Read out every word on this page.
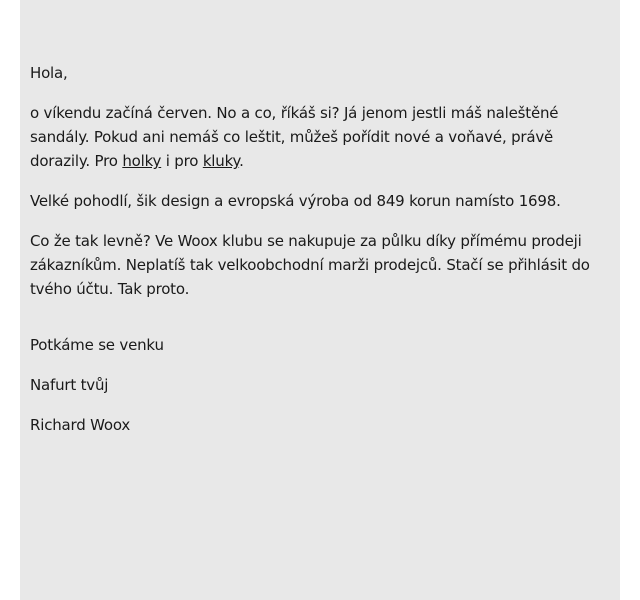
Hola,

o víkendu začíná červen. No a co, říkáš si? Já jenom jestli máš naleštěné sandály. Pokud ani nemáš co leštit, můžeš pořídit nové a voňavé, právě dorazily. Pro holky i pro kluky.

Velké pohodlí, šik design a evropská výroba od 849 korun namísto 1698.

Co že tak levně? Ve Woox klubu se nakupuje za půlku díky přímému prodeji zákazníkům. Neplatíš tak velkoobchodní marži prodejců. Stačí se přihlásit do tvého účtu. Tak proto.

Potkáme se venku

Nafurt tvůj

Richard Woox
